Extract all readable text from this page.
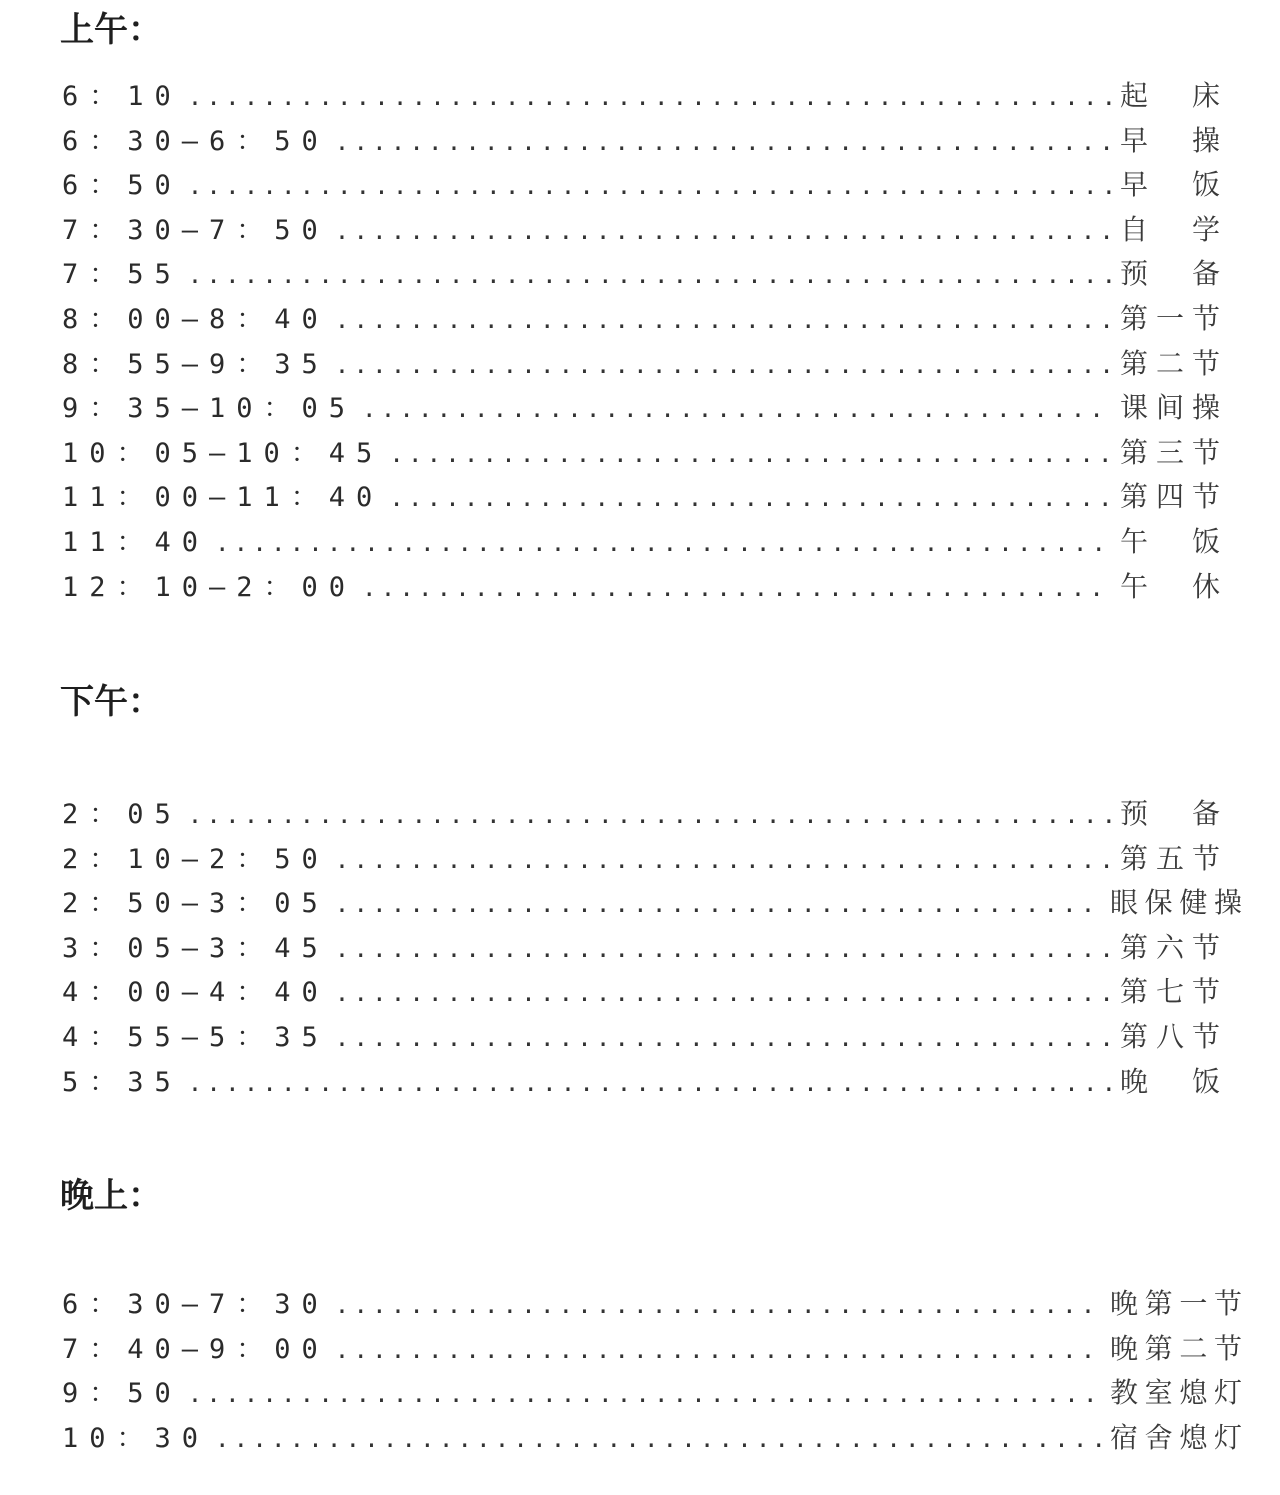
上午：
6：10 .....	起　床
6：30—6：50 .....	早　操
6：50 .....	早　饭
7：30—7：50 .....	自　学
7：55 .....	预　备
8：00—8：40 .....	第一节
8：55—9：35 .....	第二节
9：35—10：05 .....	课间操
10：05—10：45 .....	第三节
11：00—11：40 .....	第四节
11：40 .....	午　饭
12：10—2：00 .....	午　休
下午：
2：05 .....	预　备
2：10—2：50 .....	第五节
2：50—3：05 .....	眼保健操
3：05—3：45 .....	第六节
4：00—4：40 .....	第七节
4：55—5：35 .....	第八节
5：35 .....	晚　饭
晚上：
6：30—7：30 .....	晚第一节
7：40—9：00 .....	晚第二节
9：50 .....	教室熄灯
10：30 .....	宿舍熄灯
